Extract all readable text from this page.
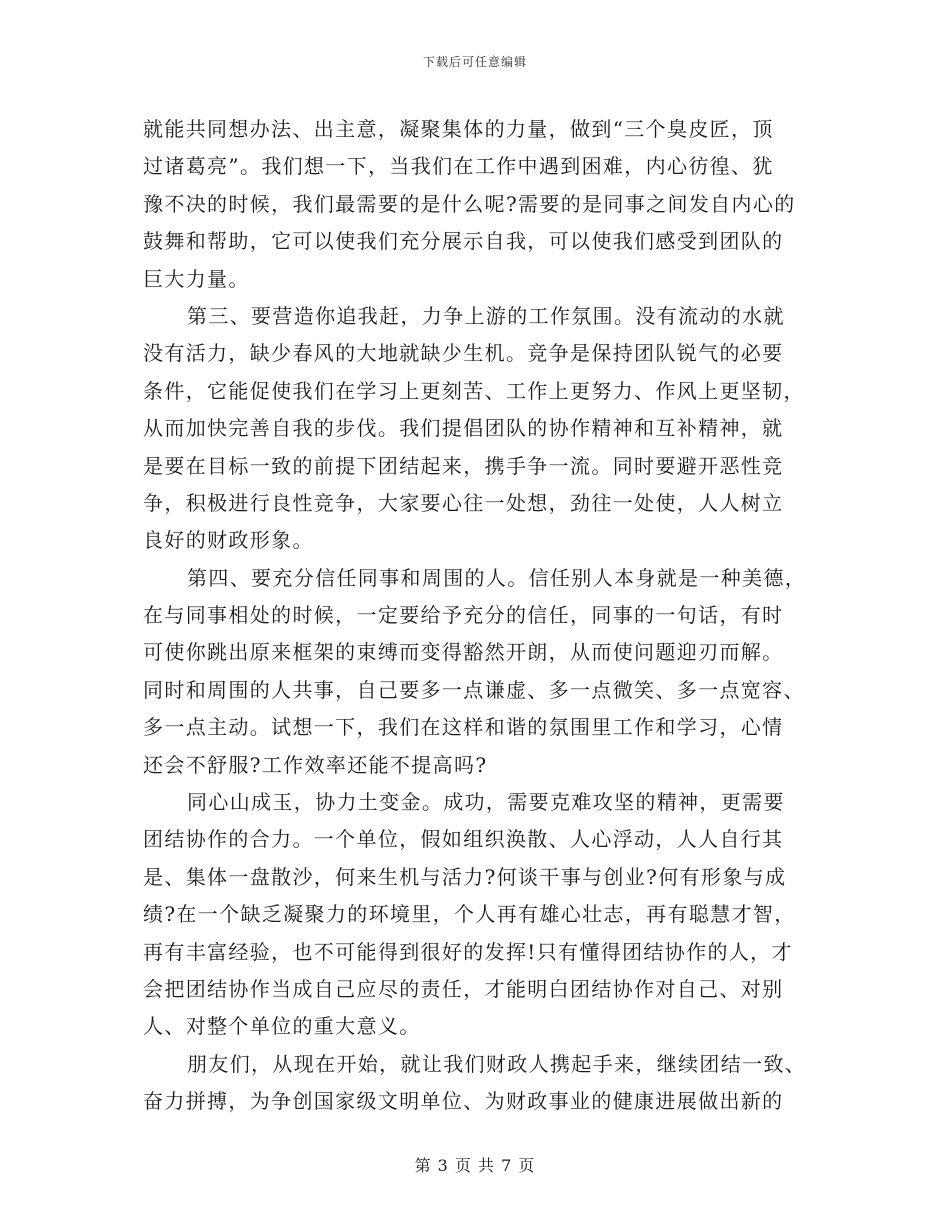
下载后可任意编辑
就能共同想办法、出主意，凝聚集体的力量，做到“三个臭皮匠，顶
过诸葛亮”。我们想一下，当我们在工作中遇到困难，内心彷徨、犹
豫不决的时候，我们最需要的是什么呢?需要的是同事之间发自内心的
鼓舞和帮助，它可以使我们充分展示自我，可以使我们感受到团队的
巨大力量。
第三、要营造你追我赶，力争上游的工作氛围。没有流动的水就
没有活力，缺少春风的大地就缺少生机。竞争是保持团队锐气的必要
条件，它能促使我们在学习上更刻苦、工作上更努力、作风上更坚韧，
从而加快完善自我的步伐。我们提倡团队的协作精神和互补精神，就
是要在目标一致的前提下团结起来，携手争一流。同时要避开恶性竞
争，积极进行良性竞争，大家要心往一处想，劲往一处使，人人树立
良好的财政形象。
第四、要充分信任同事和周围的人。信任别人本身就是一种美德，
在与同事相处的时候，一定要给予充分的信任，同事的一句话，有时
可使你跳出原来框架的束缚而变得豁然开朗，从而使问题迎刃而解。
同时和周围的人共事，自己要多一点谦虚、多一点微笑、多一点宽容、
多一点主动。试想一下，我们在这样和谐的氛围里工作和学习，心情
还会不舒服?工作效率还能不提高吗?
同心山成玉，协力土变金。成功，需要克难攻坚的精神，更需要
团结协作的合力。一个单位，假如组织涣散、人心浮动，人人自行其
是、集体一盘散沙，何来生机与活力?何谈干事与创业?何有形象与成
绩?在一个缺乏凝聚力的环境里，个人再有雄心壮志，再有聪慧才智，
再有丰富经验，也不可能得到很好的发挥!只有懂得团结协作的人，才
会把团结协作当成自己应尽的责任，才能明白团结协作对自己、对别
人、对整个单位的重大意义。
朋友们，从现在开始，就让我们财政人携起手来，继续团结一致、
奋力拼搏，为争创国家级文明单位、为财政事业的健康进展做出新的
第 3 页 共 7 页
